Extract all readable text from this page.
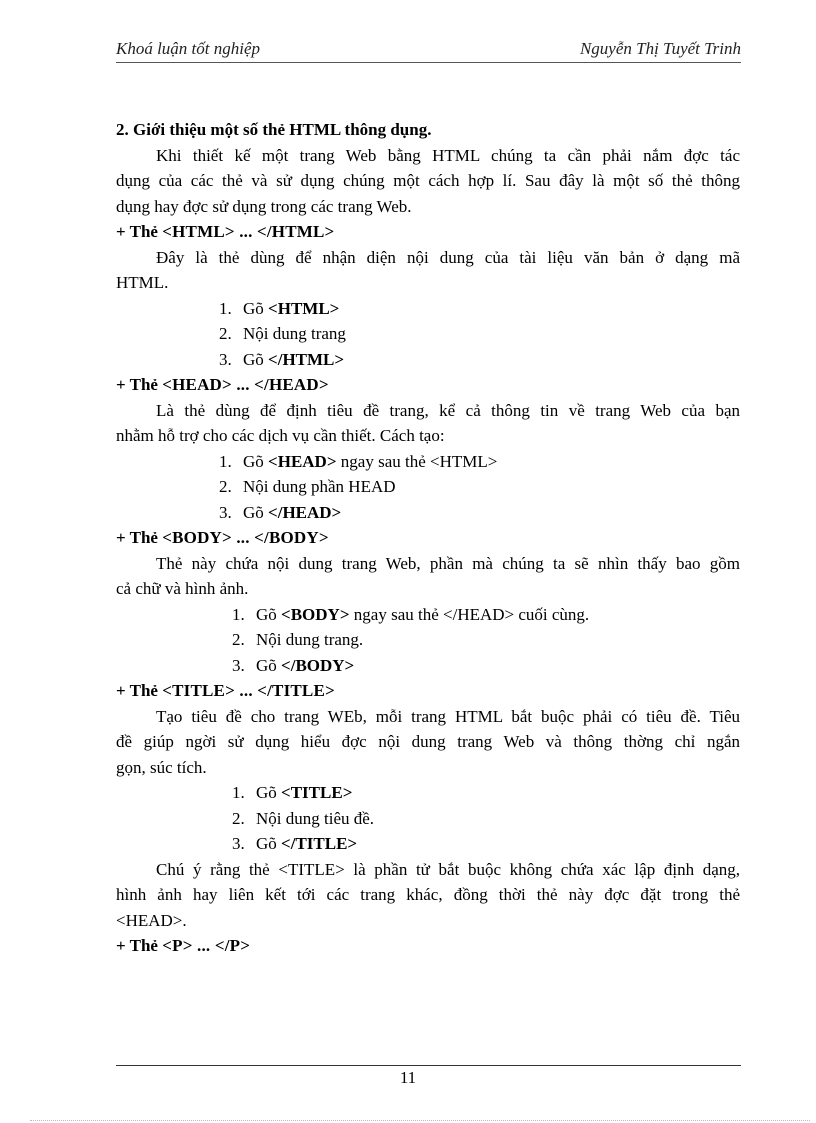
Khoá luận tốt nghiệp	Nguyễn Thị Tuyết Trinh
2. Giới thiệu một số thẻ HTML thông dụng.
Khi thiết kế một trang Web bằng HTML chúng ta cần phải nắm đợc tác
dụng của các thẻ và sử dụng chúng một cách hợp lí. Sau đây là một số thẻ thông
dụng hay đợc sử dụng trong các trang Web.
+ Thẻ <HTML> ... </HTML>
Đây là thẻ dùng để nhận diện nội dung của tài liệu văn bản ở dạng mã
HTML.
1. Gõ <HTML>
2. Nội dung trang
3. Gõ </HTML>
+ Thẻ <HEAD> ... </HEAD>
Là thẻ dùng để định tiêu đề trang, kể cả thông tin về trang Web của bạn
nhằm hỗ trợ cho các dịch vụ cần thiết. Cách tạo:
1. Gõ <HEAD> ngay sau thẻ <HTML>
2. Nội dung phần HEAD
3. Gõ </HEAD>
+ Thẻ <BODY> ... </BODY>
Thẻ này chứa nội dung trang Web, phần mà chúng ta sẽ nhìn thấy bao gồm
cả chữ và hình ảnh.
1. Gõ <BODY> ngay sau thẻ </HEAD> cuối cùng.
2. Nội dung trang.
3. Gõ </BODY>
+ Thẻ <TITLE> ... </TITLE>
Tạo tiêu đề cho trang WEb, mỗi trang HTML bắt buộc phải có tiêu đề. Tiêu
đề giúp ngời sử dụng hiểu đợc nội dung trang Web và thông thờng chỉ ngắn
gọn, súc tích.
1. Gõ <TITLE>
2. Nội dung tiêu đề.
3. Gõ </TITLE>
Chú ý rằng thẻ <TITLE> là phần tử bắt buộc không chứa xác lập định dạng,
hình ảnh hay liên kết tới các trang khác, đồng thời thẻ này đợc đặt trong thẻ
<HEAD>.
+ Thẻ <P> ... </P>
11
